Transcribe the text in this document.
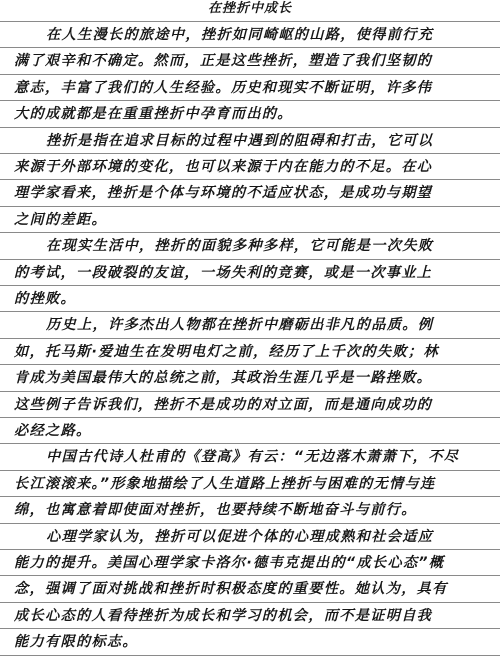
在挫折中成长
在人生漫长的旅途中，挫折如同崎岖的山路，使得前行充
满了艰辛和不确定。然而，正是这些挫折，塑造了我们坚韧的
意志，丰富了我们的人生经验。历史和现实不断证明，许多伟
大的成就都是在重重挫折中孕育而出的。
挫折是指在追求目标的过程中遇到的阻碍和打击，它可以
来源于外部环境的变化，也可以来源于内在能力的不足。在心
理学家看来，挫折是个体与环境的不适应状态，是成功与期望
之间的差距。
在现实生活中，挫折的面貌多种多样，它可能是一次失败
的考试，一段破裂的友谊，一场失利的竞赛，或是一次事业上
的挫败。
历史上，许多杰出人物都在挫折中磨砺出非凡的品质。例
如，托马斯·爱迪生在发明电灯之前，经历了上千次的失败；林
肯成为美国最伟大的总统之前，其政治生涯几乎是一路挫败。
这些例子告诉我们，挫折不是成功的对立面，而是通向成功的
必经之路。
中国古代诗人杜甫的《登高》有云：“无边落木萧萧下，不尽
长江滚滚来。”形象地描绘了人生道路上挫折与困难的无情与连
绵，也寓意着即使面对挫折，也要持续不断地奋斗与前行。
心理学家认为，挫折可以促进个体的心理成熟和社会适应
能力的提升。美国心理学家卡洛尔·德韦克提出的“成长心态”概
念，强调了面对挑战和挫折时积极态度的重要性。她认为，具有
成长心态的人看待挫折为成长和学习的机会，而不是证明自我
能力有限的标志。
